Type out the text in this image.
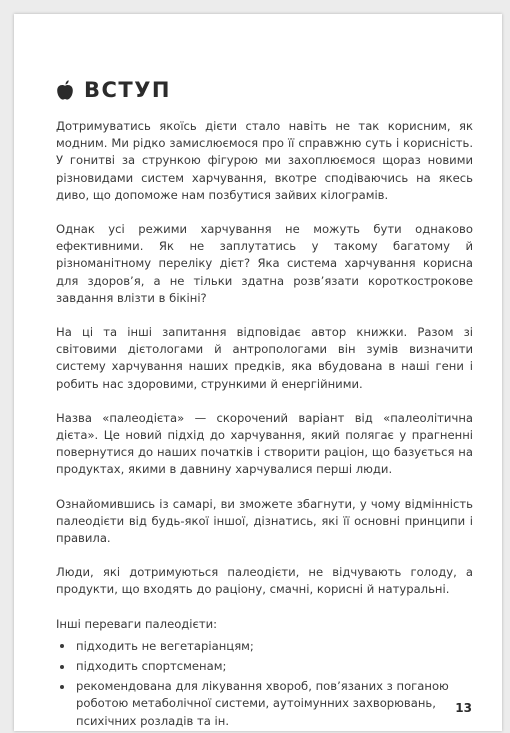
ВСТУП

Дотримуватись якоїсь дієти стало навіть не так корисним, як модним. Ми рідко замислюємося про її справжню суть і корисність. У гонитві за стрункою фігурою ми захоплюємося щораз новими різновидами систем харчування, вкотре сподіваючись на якесь диво, що допоможе нам позбутися зайвих кілограмів.

Однак усі режими харчування не можуть бути однаково ефективними. Як не заплутатись у такому багатому й різноманітному переліку дієт? Яка система харчування корисна для здоров’я, а не тільки здатна розв’язати короткострокове завдання влізти в бікіні?

На ці та інші запитання відповідає автор книжки. Разом зі світовими дієтологами й антропологами він зумів визначити систему харчування наших предків, яка вбудована в наші гени і робить нас здоровими, стрункими й енергійними.

Назва «палеодієта» — скорочений варіант від «палеолітична дієта». Це новий підхід до харчування, який полягає у прагненні повернутися до наших початків і створити раціон, що базується на продуктах, якими в давнину харчувалися перші люди.

Ознайомившись із самарі, ви зможете збагнути, у чому відмінність палеодієти від будь-якої іншої, дізнатись, які її основні принципи і правила.

Люди, які дотримуються палеодієти, не відчувають голоду, а продукти, що входять до раціону, смачні, корисні й натуральні.

Інші переваги палеодієти:

підходить не вегетаріанцям;
підходить спортсменам;
рекомендована для лікування хвороб, пов’язаних з поганою роботою метаболічної системи, аутоімунних захворювань, психічних розладів та ін.
13
